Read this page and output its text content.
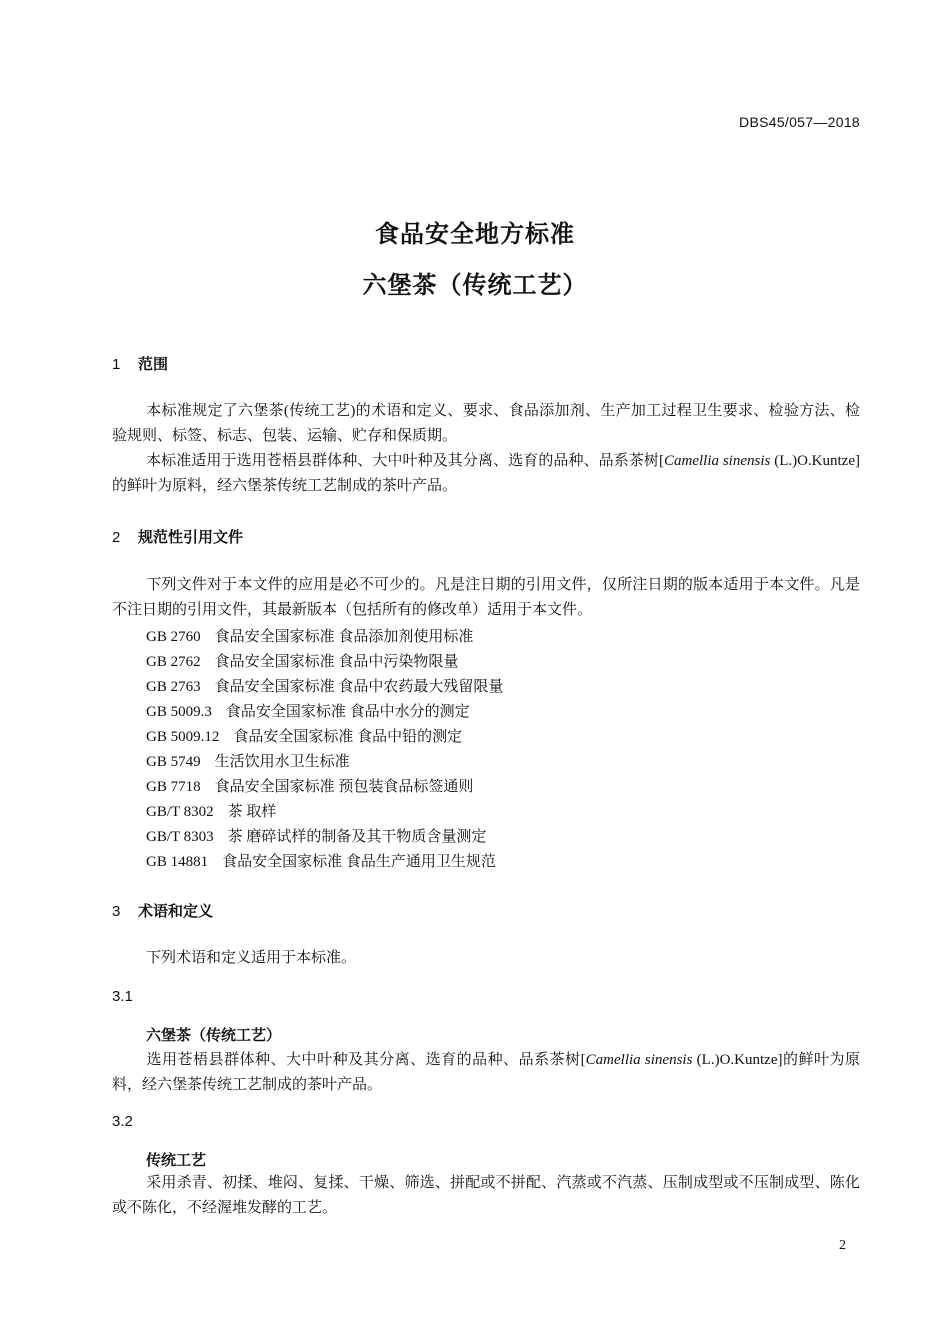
DBS45/057—2018
食品安全地方标准
六堡茶（传统工艺）
1 范围
本标准规定了六堡茶(传统工艺)的术语和定义、要求、食品添加剂、生产加工过程卫生要求、检验方法、检验规则、标签、标志、包装、运输、贮存和保质期。
本标准适用于选用苍梧县群体种、大中叶种及其分离、选育的品种、品系茶树[Camellia sinensis (L.)O.Kuntze]的鲜叶为原料，经六堡茶传统工艺制成的茶叶产品。
2 规范性引用文件
下列文件对于本文件的应用是必不可少的。凡是注日期的引用文件，仅所注日期的版本适用于本文件。凡是不注日期的引用文件，其最新版本（包括所有的修改单）适用于本文件。
GB 2760 食品安全国家标准 食品添加剂使用标准
GB 2762 食品安全国家标准 食品中污染物限量
GB 2763 食品安全国家标准 食品中农药最大残留限量
GB 5009.3 食品安全国家标准 食品中水分的测定
GB 5009.12 食品安全国家标准 食品中铅的测定
GB 5749 生活饮用水卫生标准
GB 7718 食品安全国家标准 预包装食品标签通则
GB/T 8302 茶 取样
GB/T 8303 茶 磨碎试样的制备及其干物质含量测定
GB 14881 食品安全国家标准 食品生产通用卫生规范
3 术语和定义
下列术语和定义适用于本标准。
3.1
六堡茶（传统工艺）
选用苍梧县群体种、大中叶种及其分离、选育的品种、品系茶树[Camellia sinensis (L.)O.Kuntze]的鲜叶为原料，经六堡茶传统工艺制成的茶叶产品。
3.2
传统工艺
采用杀青、初揉、堆闷、复揉、干燥、筛选、拼配或不拼配、汽蒸或不汽蒸、压制成型或不压制成型、陈化或不陈化，不经渥堆发酵的工艺。
2
